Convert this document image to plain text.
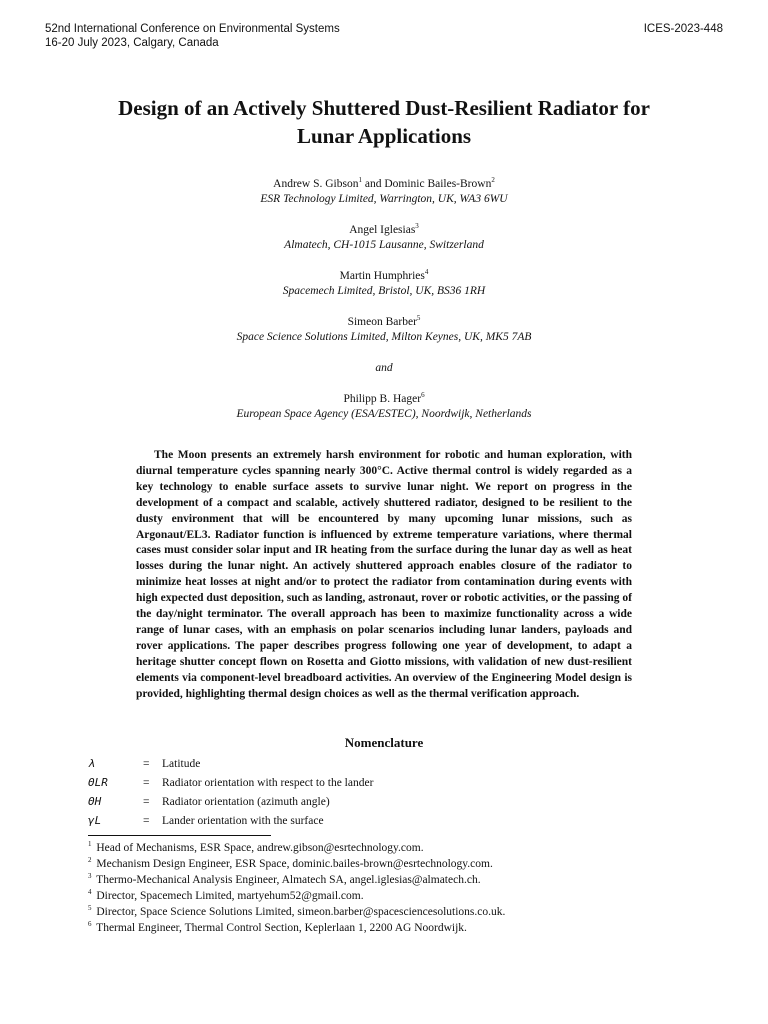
52nd International Conference on Environmental Systems
16-20 July 2023, Calgary, Canada
ICES-2023-448
Design of an Actively Shuttered Dust-Resilient Radiator for
Lunar Applications
Andrew S. Gibson$^1$ and Dominic Bailes-Brown$^2$
ESR Technology Limited, Warrington, UK, WA3 6WU
Angel Iglesias$^3$
Almatech, CH-1015 Lausanne, Switzerland
Martin Humphries$^4$
Spacemech Limited, Bristol, UK, BS36 1RH
Simeon Barber$^5$
Space Science Solutions Limited, Milton Keynes, UK, MK5 7AB
and
Philipp B. Hager$^6$
European Space Agency (ESA/ESTEC), Noordwijk, Netherlands
The Moon presents an extremely harsh environment for robotic and human exploration, with diurnal temperature cycles spanning nearly 300°C. Active thermal control is widely regarded as a key technology to enable surface assets to survive lunar night. We report on progress in the development of a compact and scalable, actively shuttered radiator, designed to be resilient to the dusty environment that will be encountered by many upcoming lunar missions, such as Argonaut/EL3. Radiator function is influenced by extreme temperature variations, where thermal cases must consider solar input and IR heating from the surface during the lunar day as well as heat losses during the lunar night. An actively shuttered approach enables closure of the radiator to minimize heat losses at night and/or to protect the radiator from contamination during events with high expected dust deposition, such as landing, astronaut, rover or robotic activities, or the passing of the day/night terminator. The overall approach has been to maximize functionality across a wide range of lunar cases, with an emphasis on polar scenarios including lunar landers, payloads and rover applications. The paper describes progress following one year of development, to adapt a heritage shutter concept flown on Rosetta and Giotto missions, with validation of new dust-resilient elements via component-level breadboard activities. An overview of the Engineering Model design is provided, highlighting thermal design choices as well as the thermal verification approach.
Nomenclature
λ	=	Latitude
ΘLR	=	Radiator orientation with respect to the lander
ΘH	=	Radiator orientation (azimuth angle)
γL	=	Lander orientation with the surface
$^1$ Head of Mechanisms, ESR Space, andrew.gibson@esrtechnology.com.
$^2$ Mechanism Design Engineer, ESR Space, dominic.bailes-brown@esrtechnology.com.
$^3$ Thermo-Mechanical Analysis Engineer, Almatech SA, angel.iglesias@almatech.ch.
$^4$ Director, Spacemech Limited, martyehum52@gmail.com.
$^5$ Director, Space Science Solutions Limited, simeon.barber@spacesciencesolutions.co.uk.
$^6$ Thermal Engineer, Thermal Control Section, Keplerlaan 1, 2200 AG Noordwijk.
